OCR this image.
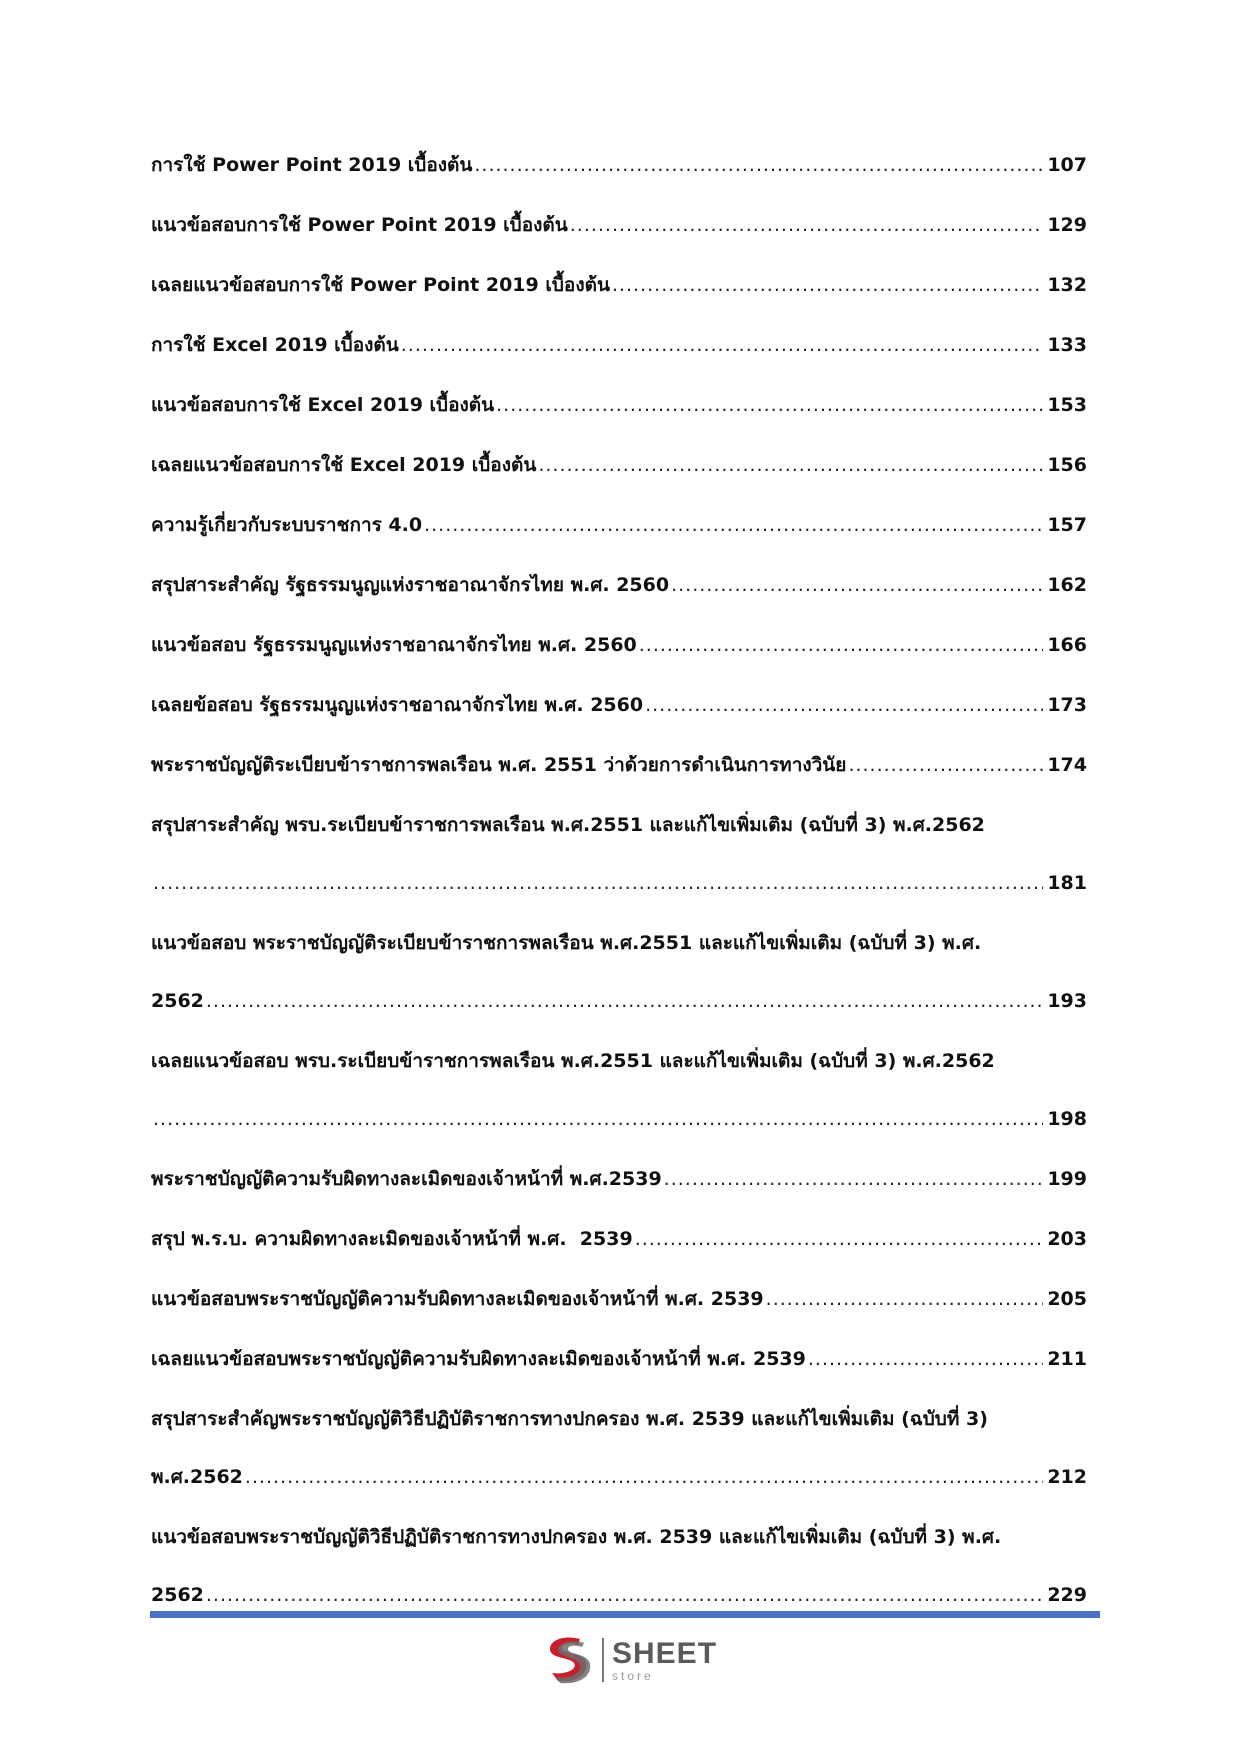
การใช้ Power Point 2019 เบื้องต้น .....	107
แนวข้อสอบการใช้ Power Point 2019 เบื้องต้น .....	129
เฉลยแนวข้อสอบการใช้ Power Point 2019 เบื้องต้น .....	132
การใช้ Excel 2019 เบื้องต้น .....	133
แนวข้อสอบการใช้ Excel 2019 เบื้องต้น .....	153
เฉลยแนวข้อสอบการใช้ Excel 2019 เบื้องต้น .....	156
ความรู้เกี่ยวกับระบบราชการ 4.0 .....	157
สรุปสาระสำคัญ รัฐธรรมนูญแห่งราชอาณาจักรไทย พ.ศ. 2560 .....	162
แนวข้อสอบ รัฐธรรมนูญแห่งราชอาณาจักรไทย พ.ศ. 2560 .....	166
เฉลยข้อสอบ รัฐธรรมนูญแห่งราชอาณาจักรไทย พ.ศ. 2560 .....	173
พระราชบัญญัติระเบียบข้าราชการพลเรือน พ.ศ. 2551 ว่าด้วยการดำเนินการทางวินัย .....	174
สรุปสาระสำคัญ พรบ.ระเบียบข้าราชการพลเรือน พ.ศ.2551 และแก้ไขเพิ่มเติม (ฉบับที่ 3) พ.ศ.2562
.....
181
แนวข้อสอบ พระราชบัญญัติระเบียบข้าราชการพลเรือน พ.ศ.2551 และแก้ไขเพิ่มเติม (ฉบับที่ 3) พ.ศ.
2562 .....	193
เฉลยแนวข้อสอบ พรบ.ระเบียบข้าราชการพลเรือน พ.ศ.2551 และแก้ไขเพิ่มเติม (ฉบับที่ 3) พ.ศ.2562
.....
198
พระราชบัญญัติความรับผิดทางละเมิดของเจ้าหน้าที่ พ.ศ.2539 .....	199
สรุป พ.ร.บ. ความผิดทางละเมิดของเจ้าหน้าที่ พ.ศ.  2539 .....	203
แนวข้อสอบพระราชบัญญัติความรับผิดทางละเมิดของเจ้าหน้าที่ พ.ศ. 2539 .....	205
เฉลยแนวข้อสอบพระราชบัญญัติความรับผิดทางละเมิดของเจ้าหน้าที่ พ.ศ. 2539 .....	211
สรุปสาระสำคัญพระราชบัญญัติวิธีปฏิบัติราชการทางปกครอง พ.ศ. 2539 และแก้ไขเพิ่มเติม (ฉบับที่ 3)
พ.ศ.2562 .....	212
แนวข้อสอบพระราชบัญญัติวิธีปฏิบัติราชการทางปกครอง พ.ศ. 2539 และแก้ไขเพิ่มเติม (ฉบับที่ 3) พ.ศ.
2562 .....	229
SHEET
store
